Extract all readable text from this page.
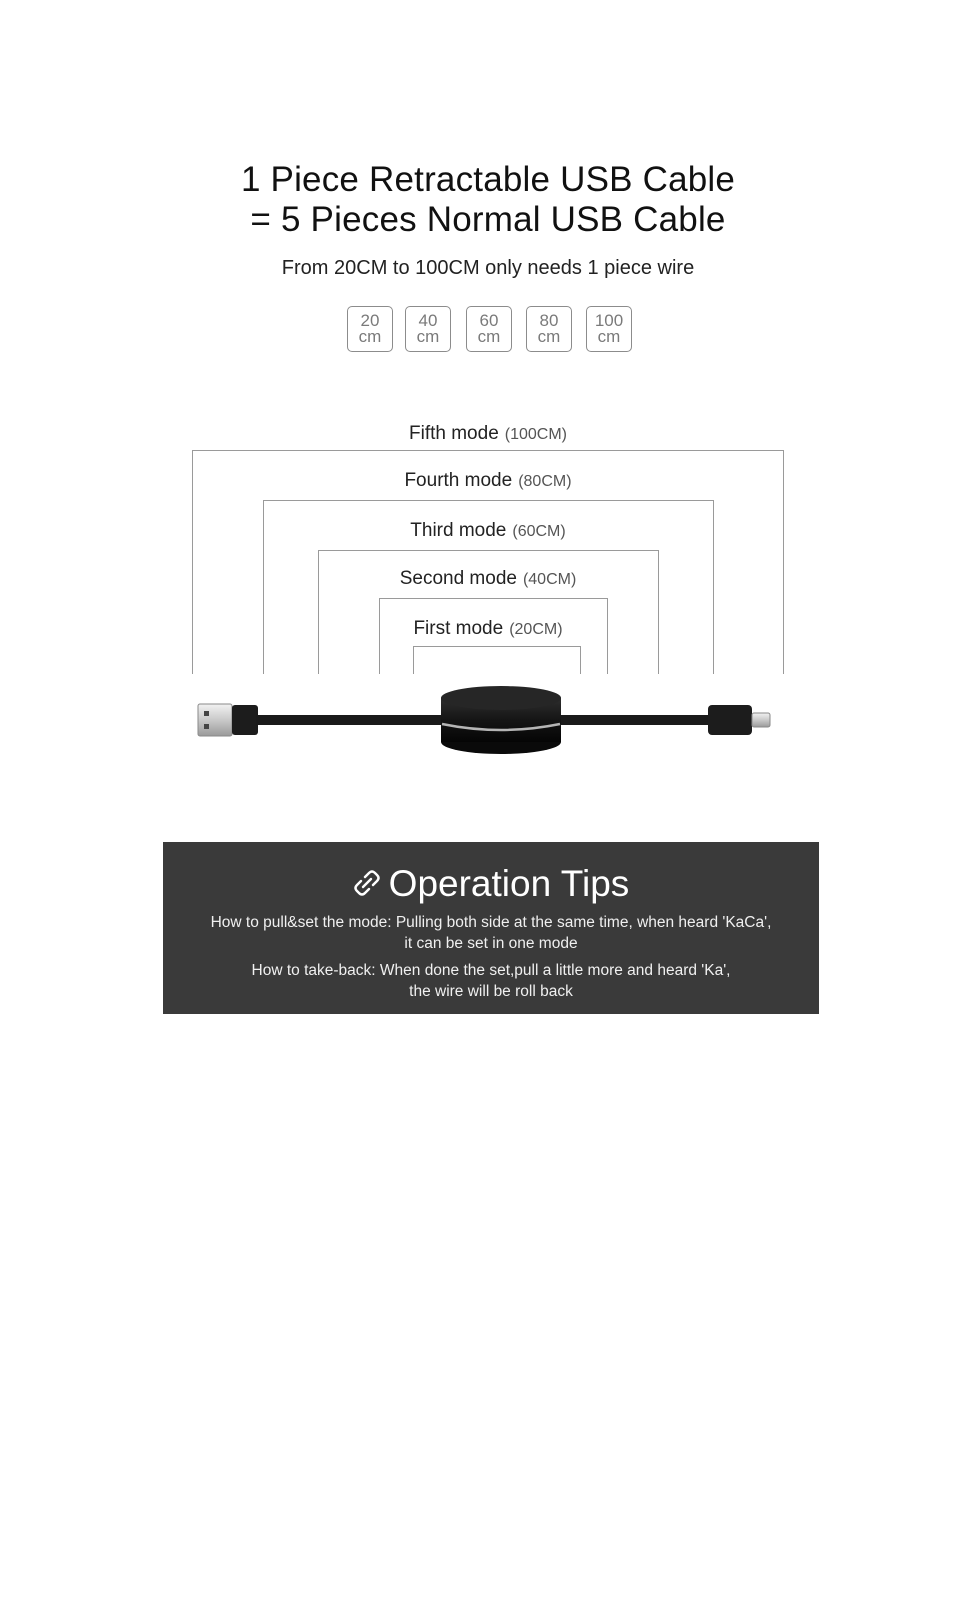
1 Piece Retractable USB Cable
= 5 Pieces Normal USB Cable
From 20CM to 100CM only needs 1 piece wire
20
cm
40
cm
60
cm
80
cm
100
cm
Fifth mode (100CM)
Fourth mode (80CM)
Third mode (60CM)
Second mode (40CM)
First mode (20CM)
Operation Tips
How to pull&set the mode: Pulling both side at the same time, when heard 'KaCa',
it can be set in one mode
How to take-back: When done the set,pull a little more and heard 'Ka',
the wire will be roll back
